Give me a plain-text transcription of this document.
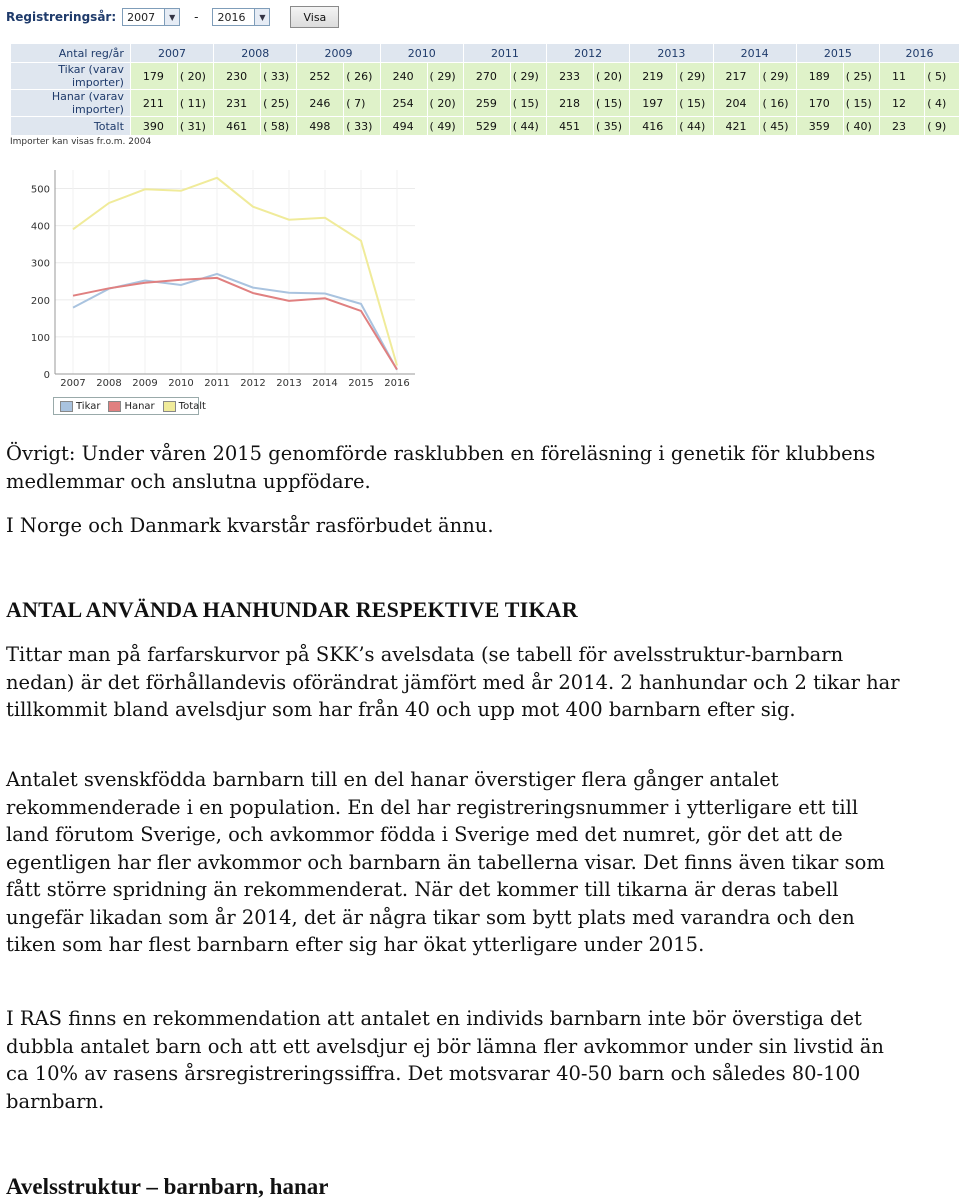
Registreringsår: 2007	▼	- 2016	▼	Visa
Antal reg/år	2007		2008		2009		2010		2011		2012		2013		2014		2015		2016	
Tikar (varav importer)	179	( 20)	230	( 33)	252	( 26)	240	( 29)	270	( 29)	233	( 20)	219	( 29)	217	( 29)	189	( 25)	11	( 5)
Hanar (varav importer)	211	( 11)	231	( 25)	246	( 7)	254	( 20)	259	( 15)	218	( 15)	197	( 15)	204	( 16)	170	( 15)	12	( 4)
Totalt	390	( 31)	461	( 58)	498	( 33)	494	( 49)	529	( 44)	451	( 35)	416	( 44)	421	( 45)	359	( 40)	23	( 9)
Importer kan visas fr.o.m. 2004
0
100
200
300
400
500
2007 2008 2009 2010 2011 2012 2013 2014 2015 2016
Tikar Hanar Totalt

Övrigt: Under våren 2015 genomförde rasklubben en föreläsning i genetik för klubbens medlemmar och anslutna uppfödare.

I Norge och Danmark kvarstår rasförbudet ännu.

ANTAL ANVÄNDA HANHUNDAR RESPEKTIVE TIKAR

Tittar man på farfarskurvor på SKK’s avelsdata (se tabell för avelsstruktur-barnbarn nedan) är det förhållandevis oförändrat jämfört med år 2014. 2 hanhundar och 2 tikar har tillkommit bland avelsdjur som har från 40 och upp mot 400 barnbarn efter sig.

Antalet svenskfödda barnbarn till en del hanar överstiger flera gånger antalet rekommenderade i en population. En del har registreringsnummer i ytterligare ett till land förutom Sverige, och avkommor födda i Sverige med det numret, gör det att de egentligen har fler avkommor och barnbarn än tabellerna visar. Det finns även tikar som fått större spridning än rekommenderat. När det kommer till tikarna är deras tabell ungefär likadan som år 2014, det är några tikar som bytt plats med varandra och den tiken som har flest barnbarn efter sig har ökat ytterligare under 2015.

I RAS finns en rekommendation att antalet en individs barnbarn inte bör överstiga det dubbla antalet barn och att ett avelsdjur ej bör lämna fler avkommor under sin livstid än ca 10% av rasens årsregistreringssiffra. Det motsvarar 40-50 barn och således 80-100 barnbarn.

Avelsstruktur – barnbarn, hanar
